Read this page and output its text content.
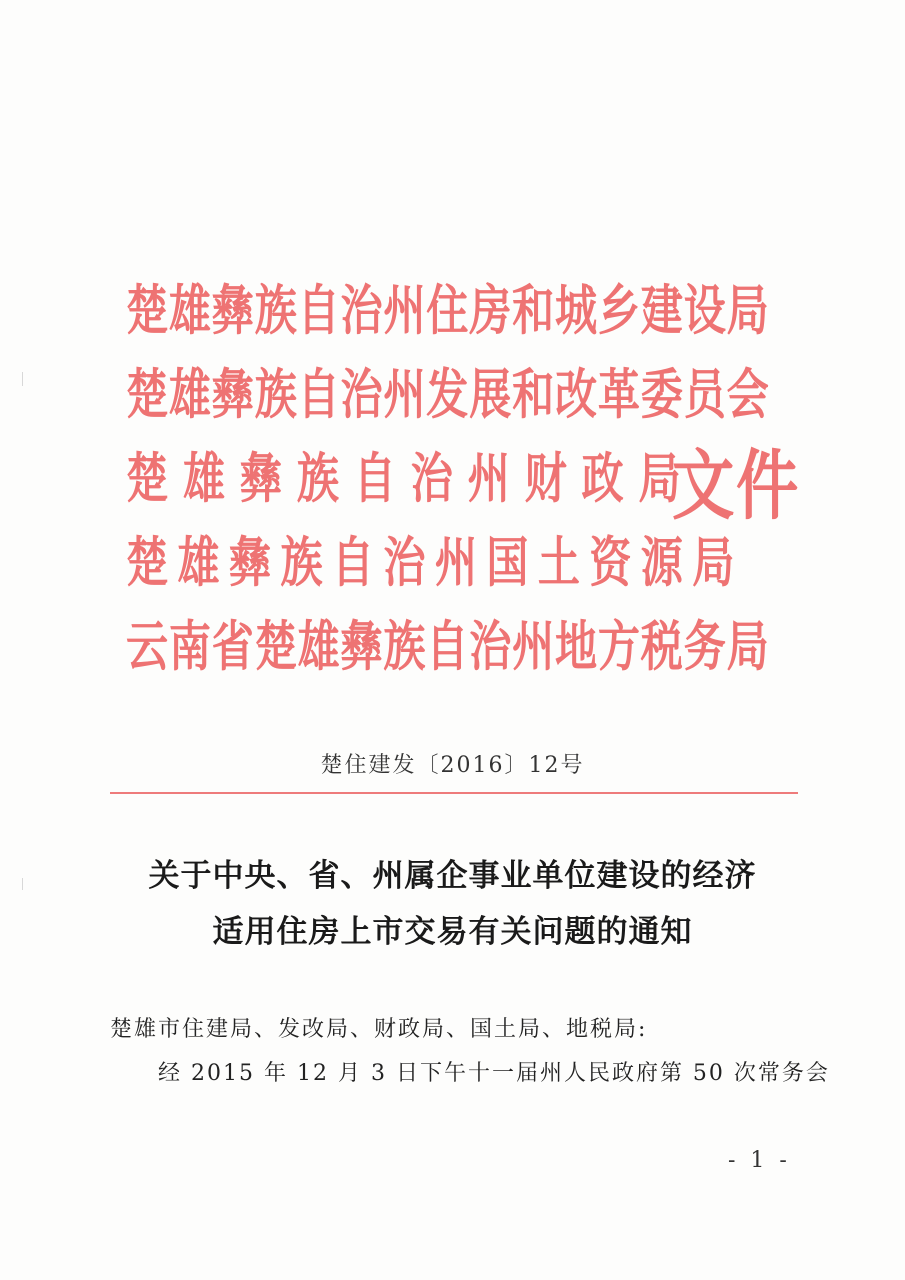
楚雄彝族自治州住房和城乡建设局
楚雄彝族自治州发展和改革委员会
楚雄彝族自治州财政局
楚雄彝族自治州国土资源局
云南省楚雄彝族自治州地方税务局
文件
楚住建发〔2016〕12号
关于中央、省、州属企事业单位建设的经济
适用住房上市交易有关问题的通知
楚雄市住建局、发改局、财政局、国土局、地税局:
经 2015 年 12 月 3 日下午十一届州人民政府第 50 次常务会
- 1 -
